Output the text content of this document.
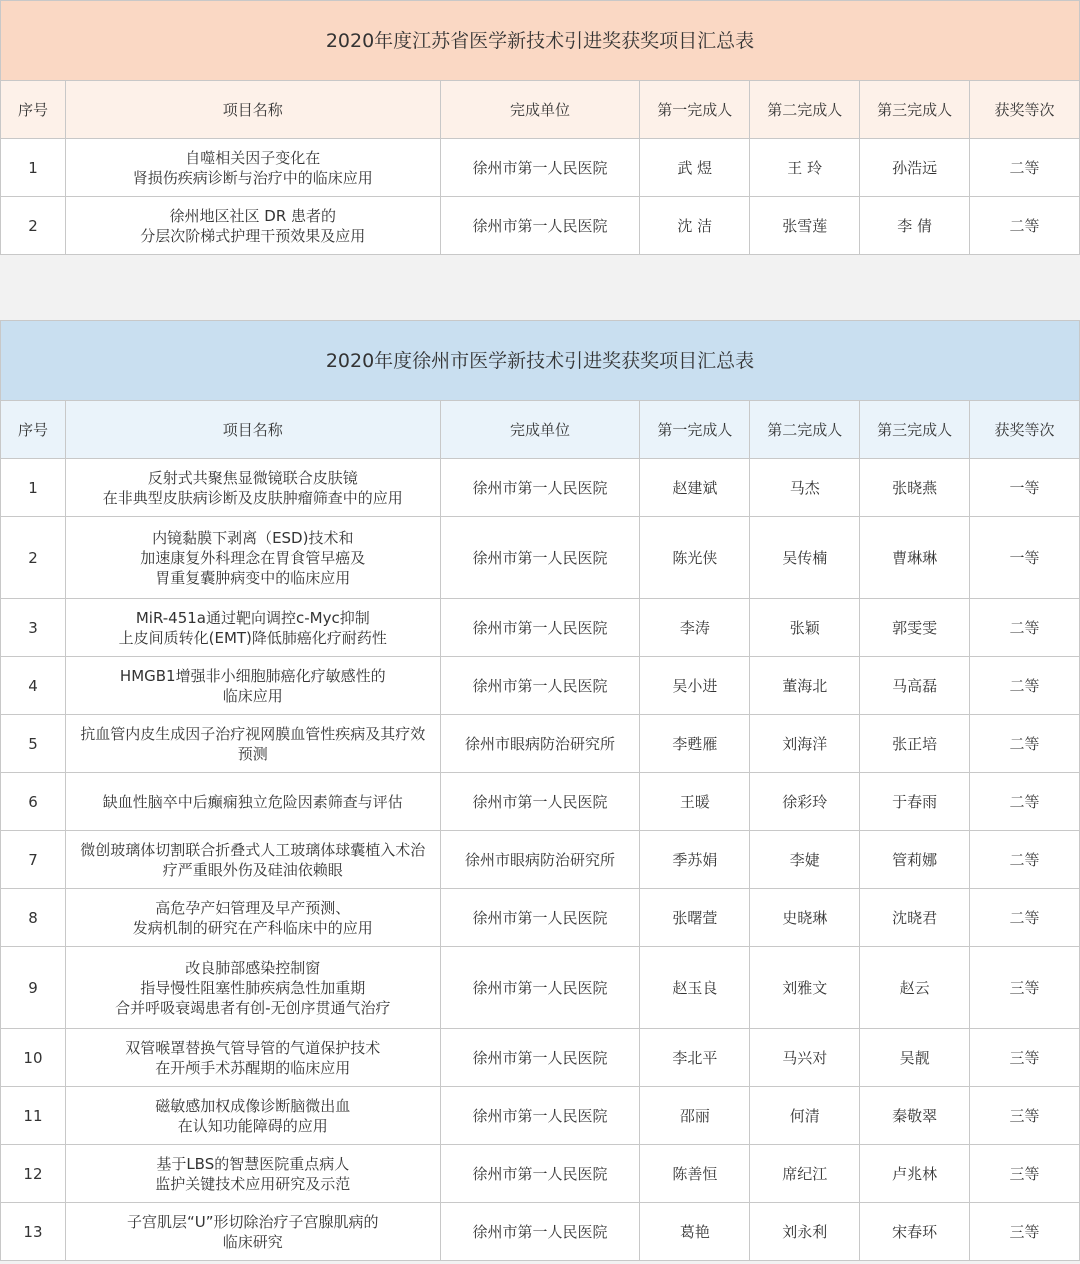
2020年度江苏省医学新技术引进奖获奖项目汇总表						
序号	项目名称	完成单位	第一完成人	第二完成人	第三完成人	获奖等次
1	自噬相关因子变化在
肾损伤疾病诊断与治疗中的临床应用	徐州市第一人民医院	武 煜	王 玲	孙浩远	二等
2	徐州地区社区 DR 患者的
分层次阶梯式护理干预效果及应用	徐州市第一人民医院	沈 洁	张雪莲	李 倩	二等
2020年度徐州市医学新技术引进奖获奖项目汇总表						
序号	项目名称	完成单位	第一完成人	第二完成人	第三完成人	获奖等次
1	反射式共聚焦显微镜联合皮肤镜
在非典型皮肤病诊断及皮肤肿瘤筛查中的应用	徐州市第一人民医院	赵建斌	马杰	张晓燕	一等
2	内镜黏膜下剥离（ESD)技术和
加速康复外科理念在胃食管早癌及
胃重复囊肿病变中的临床应用	徐州市第一人民医院	陈光侠	吴传楠	曹琳琳	一等
3	MiR-451a通过靶向调控c-Myc抑制
上皮间质转化(EMT)降低肺癌化疗耐药性	徐州市第一人民医院	李涛	张颖	郭雯雯	二等
4	HMGB1增强非小细胞肺癌化疗敏感性的
临床应用	徐州市第一人民医院	吴小进	董海北	马高磊	二等
5	抗血管内皮生成因子治疗视网膜血管性疾病及其疗效
预测	徐州市眼病防治研究所	李甦雁	刘海洋	张正培	二等
6	缺血性脑卒中后癫痫独立危险因素筛查与评估	徐州市第一人民医院	王暖	徐彩玲	于春雨	二等
7	微创玻璃体切割联合折叠式人工玻璃体球囊植入术治
疗严重眼外伤及硅油依赖眼	徐州市眼病防治研究所	季苏娟	李婕	管莉娜	二等
8	高危孕产妇管理及早产预测、
发病机制的研究在产科临床中的应用	徐州市第一人民医院	张曙萱	史晓琳	沈晓君	二等
9	改良肺部感染控制窗
指导慢性阻塞性肺疾病急性加重期
合并呼吸衰竭患者有创-无创序贯通气治疗	徐州市第一人民医院	赵玉良	刘雅文	赵云	三等
10	双管喉罩替换气管导管的气道保护技术
在开颅手术苏醒期的临床应用	徐州市第一人民医院	李北平	马兴对	吴靓	三等
11	磁敏感加权成像诊断脑微出血
在认知功能障碍的应用	徐州市第一人民医院	邵丽	何清	秦敬翠	三等
12	基于LBS的智慧医院重点病人
监护关键技术应用研究及示范	徐州市第一人民医院	陈善恒	席纪江	卢兆林	三等
13	子宫肌层“U”形切除治疗子宫腺肌病的
临床研究	徐州市第一人民医院	葛艳	刘永利	宋春环	三等
